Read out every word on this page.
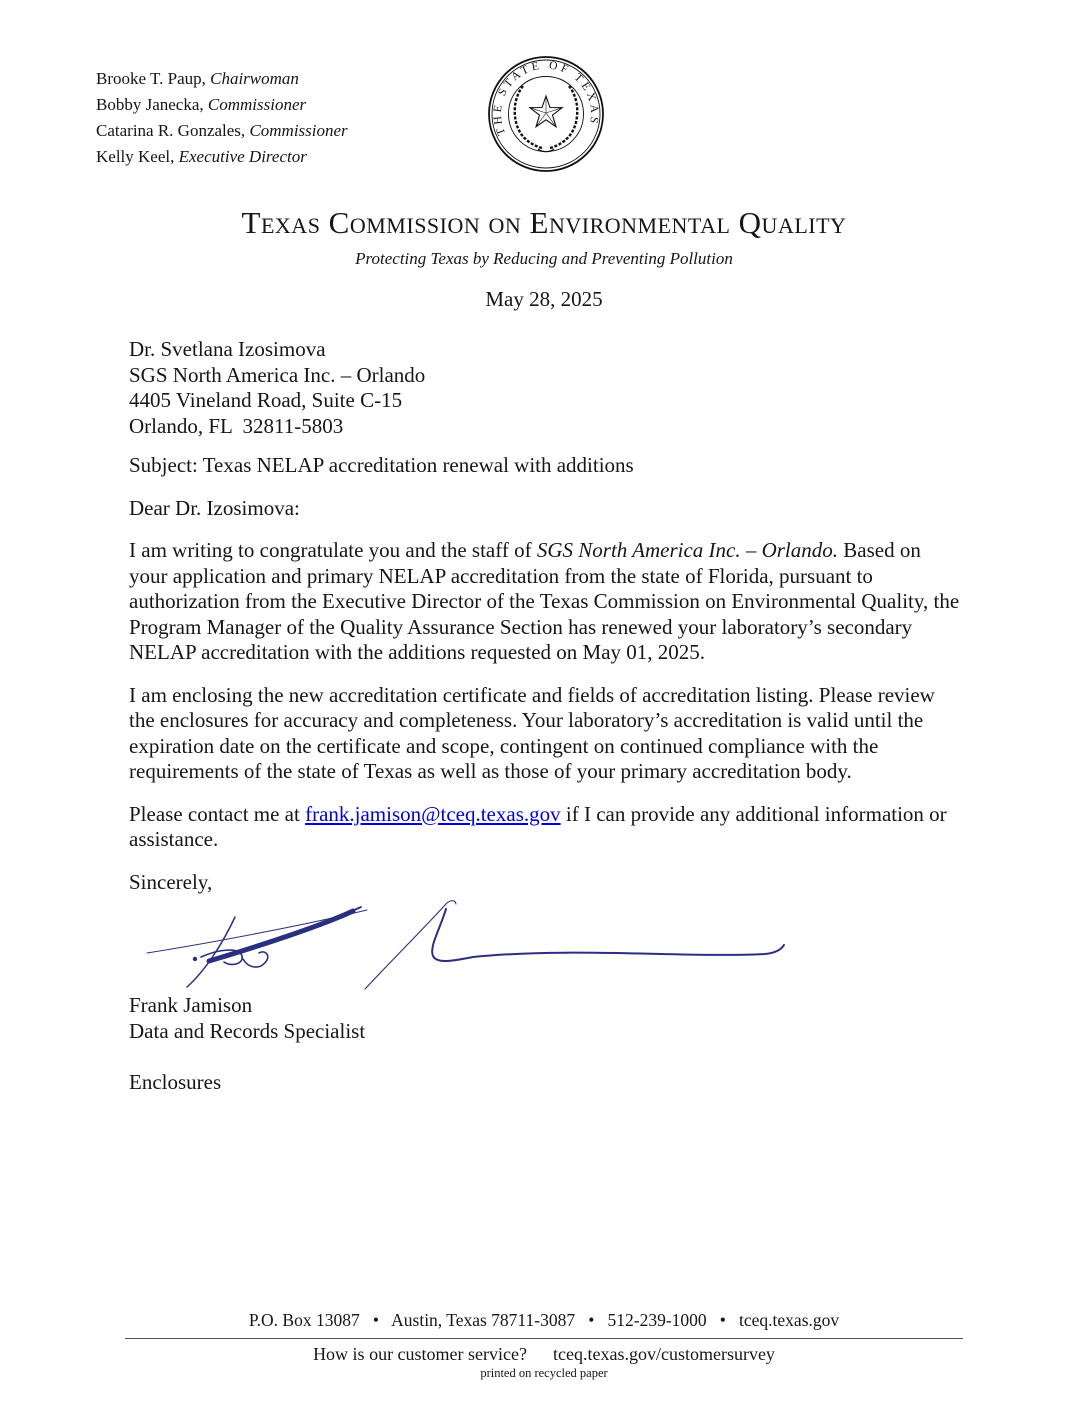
Brooke T. Paup, Chairwoman
Bobby Janecka, Commissioner
Catarina R. Gonzales, Commissioner
Kelly Keel, Executive Director
THE STATE OF TEXAS
Texas Commission on Environmental Quality
Protecting Texas by Reducing and Preventing Pollution
May 28, 2025
Dr. Svetlana Izosimova
SGS North America Inc. – Orlando
4405 Vineland Road, Suite C-15
Orlando, FL  32811-5803
Subject: Texas NELAP accreditation renewal with additions
Dear Dr. Izosimova:

I am writing to congratulate you and the staff of SGS North America Inc. – Orlando. Based on your application and primary NELAP accreditation from the state of Florida, pursuant to authorization from the Executive Director of the Texas Commission on Environmental Quality, the Program Manager of the Quality Assurance Section has renewed your laboratory’s secondary NELAP accreditation with the additions requested on May 01, 2025.

I am enclosing the new accreditation certificate and fields of accreditation listing. Please review the enclosures for accuracy and completeness. Your laboratory’s accreditation is valid until the expiration date on the certificate and scope, contingent on continued compliance with the requirements of the state of Texas as well as those of your primary accreditation body.

Please contact me at frank.jamison@tceq.texas.gov if I can provide any additional information or assistance.

Sincerely,
Frank Jamison
Data and Records Specialist
Enclosures
P.O. Box 13087   •   Austin, Texas 78711-3087   •   512-239-1000   •   tceq.texas.gov
How is our customer service? tceq.texas.gov/customersurvey
printed on recycled paper
